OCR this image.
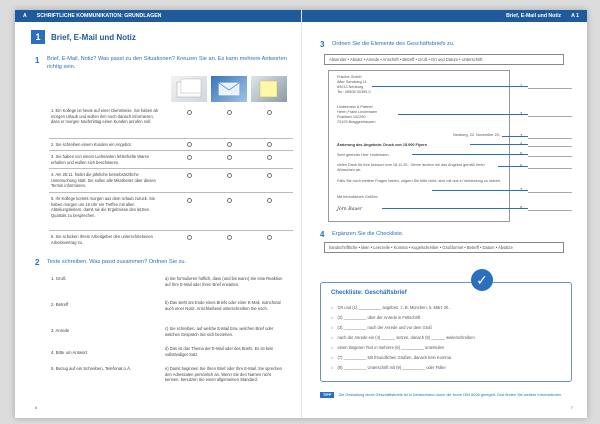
A SCHRIFTLICHE KOMMUNIKATION: GRUNDLAGEN
1	Brief, E-Mail und Notiz
1 Brief, E-Mail, Notiz? Was passt zu den Situationen? Kreuzen Sie an. Es kann mehrere Antworten richtig sein.
1. Ein Kollege ist heute auf einer Dienstreise. Sie haben ab morgen Urlaub und wollen ihm noch danach informieren, dass er morgen Nachmittag einen Kunden anrufen soll.
2. Sie schreiben einem Kunden ein Angebot.
3. Sie haben von einem Lieferanten fehlerhafte Waren erhalten und wollen sich beschweren.
4. Am 28.11. findet die jährliche betriebsärztliche Untersuchung statt. Sie sollen alle Mitarbeiter über diesen Termin informieren.
5. Ihr Kollege kommt morgen aus dem Urlaub zurück. Sie haben morgen um 16 Uhr ein Treffen mit allen Abteilungsleitern, damit sie die Ergebnisse des letzten Quartals zu besprechen.
6. Sie schicken Ihrem Arbeitgeber den unterschriebenen Arbeitsvertrag zu.
2 Texte schreiben. Was passt zusammen? Ordnen Sie zu.
1. Gruß
2. Betreff
3. Anrede
4. Bitte um Antwort
5. Bezug auf ein Schreiben, Telefonat o.Ä.
a) Sie formulieren höflich, dass (und bis wann) Sie eine Reaktion auf Ihre E-Mail oder Ihren Brief erwarten.
b) Das steht am Ende eines Briefs oder einer E-Mail, manchmal auch einer Notiz. Anschließend unterschreiben Sie noch.
c) Sie schreiben, auf welche E-Mail bzw. welchen Brief oder welches Gespräch Sie sich beziehen.
d) Das ist das Thema der E-Mail oder des Briefs. Es ist kein vollständiger Satz.
e) Damit beginnen Sie Ihren Brief oder Ihre E-Mail. Sie sprechen den Adressaten persönlich an. Wenn Sie den Namen nicht kennen, benutzen Sie einen allgemeinen Standard.
6
Brief, E-Mail und Notiz A 1
3 Ordnen Sie die Elemente des Geschäftsbriefs zu.
Absender • Absatz • Anrede • Anschrift • Betreff • Gruß • Ort und Datum • Unterschrift
Frische GmbH
Alter Sandweg 11
69013 Neuburg
Tel.: 06508 30399-0
Lindemann & Partner
Herrn Frank Lindemann
Postfach 102290
70193 Braggenhausen
Neuburg, 22. November 20..
Änderung des Angebots: Druck von 15.000 Flyern
Sehr geehrter Herr Lindemann,
vielen Dank für Ihre Antwort vom 18.11.20.. Gerne ändern wir das Angebot gemäß Ihren Wünschen ab.
Falls Sie noch weitere Fragen haben, zögern Sie bitte nicht, sich mit uns in Verbindung zu setzen.
Mit freundlichen Grüßen
Jörn Bauer
1.
2.
3.
4.
5.
6.
7.
8.
4 Ergänzen Sie die Checkliste.
handschriftliche • klein • Leerzeile • Komma • Kugelschreiber • Grußformel • Betreff • Datum • Absätze
✓
Checkliste: Geschäftsbrief
○ Ort und (1) __________ angeben, z. B. München, 5. März 20..
○ (2) __________ über der Anrede in Fettschrift
○ (3) __________ nach der Anrede und vor dem Gruß
○ nach der Anrede ein (4) ______ setzen, danach (5) ______ weiterschreiben
○ einen längeren Text in mehrere (6) __________ unterteilen
○ (7) __________ Mit freundlichen Grüßen, danach kein Komma
○ (8) __________ Unterschrift mit (9) __________ oder Füller
TIPP	Die Gestaltung eines Geschäftsbriefs ist in Deutschland durch die Norm DIN 5008 geregelt. Dort finden Sie weitere Informationen.
7
